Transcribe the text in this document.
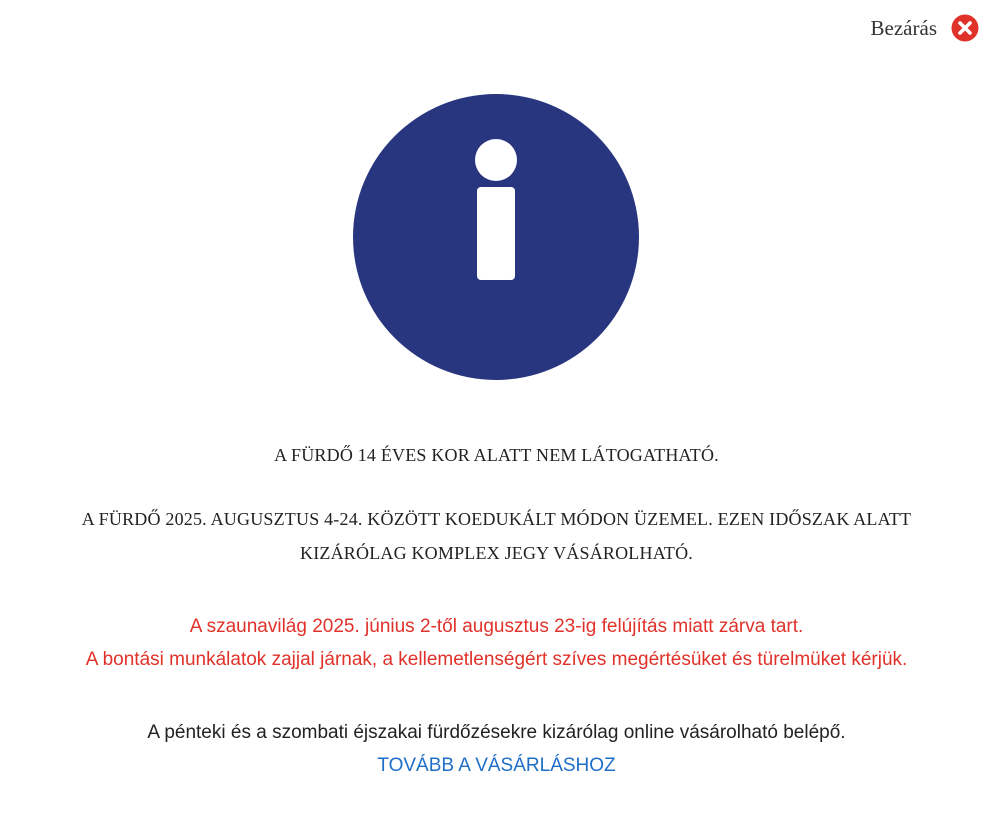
Bezárás

A FÜRDŐ 14 ÉVES KOR ALATT NEM LÁTOGATHATÓ.

A FÜRDŐ 2025. AUGUSZTUS 4-24. KÖZÖTT KOEDUKÁLT MÓDON ÜZEMEL. EZEN IDŐSZAK ALATT

KIZÁRÓLAG KOMPLEX JEGY VÁSÁROLHATÓ.

A szaunavilág 2025. június 2-től augusztus 23-ig felújítás miatt zárva tart.

A bontási munkálatok zajjal járnak, a kellemetlenségért szíves megértésüket és türelmüket kérjük.

A pénteki és a szombati éjszakai fürdőzésekre kizárólag online vásárolható belépő.

TOVÁBB A VÁSÁRLÁSHOZ
